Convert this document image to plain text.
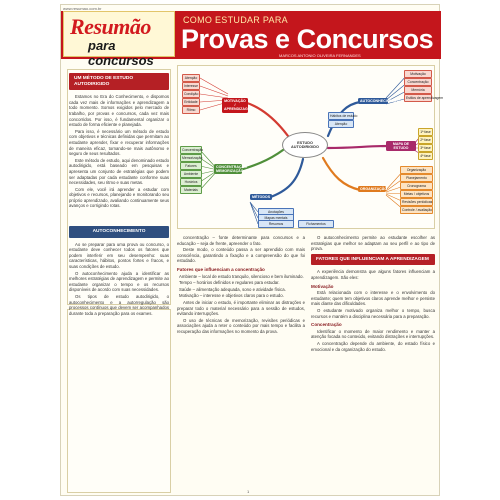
www.resumao.com.br
Resumão
para concursos
COMO ESTUDAR PARA
Provas e Concursos
MARCOS ANTONIO OLIVEIRA FERNANDES
UM MÉTODO DE ESTUDO AUTODIRIGIDO

Estamos no Era do Conhecimento, e dispomos cada vez mais de informações e aprendizagem a todo momento. Somos exigidos pelo mercado de trabalho, por provas e concursos, cada vez mais concorridos. Por isso, é fundamental organizar o estudo de forma eficiente e planejada.

Para isso, é necessário um método de estudo com objetivos e técnicas definidas que permitam ao estudante aprender, fixar e recuperar informações de maneira eficaz, tornando-se mais autônomo e seguro de seus resultados.

Este método de estudo, aqui denominado estudo autodirigido, está baseado em pesquisas e apresenta um conjunto de estratégias que podem ser adaptadas por cada estudante conforme suas necessidades, seu ritmo e suas metas.

Com ele, você irá aprender a estudar com objetivos e recursos, planejando e monitorando seu próprio aprendizado, avaliando continuamente seus avanços e corrigindo rotas.

AUTOCONHECIMENTO

Ao se preparar para uma prova ou concurso, o estudante deve conhecer todos os fatores que podem interferir em seu desempenho: suas características, hábitos, pontos fortes e fracos, e suas condições de estudo.

O autoconhecimento ajuda a identificar as melhores estratégias de aprendizagem e permite ao estudante organizar o tempo e os recursos disponíveis de acordo com suas necessidades.

Os tipos de estudo autodirigido, o autoconhecimento e a autorregulação são processos contínuos que devem ser acompanhados durante toda a preparação para os exames.

ESTUDO AUTODIRIGIDO
MOTIVAÇÃO / APRENDIZAGEM
AUTOCONHECIMENTO
MAPA DE ESTUDO
ORGANIZAÇÃO
CONCENTRAÇÃO MEMORIZAÇÃO
MÉTODOS
Atenção
Interesse
Condição
Entidade
Ritmo
Motivação
Concentração
Memória
Estilos de aprendizagem
Hábitos de estudo
Atenção
1ª fase
2ª fase
3ª fase
4ª fase
Organização
Planejamento
Cronograma
Metas / objetivos
Revisões periódicas
Controle / avaliação
Concentração
Memorização
Fatores
Ambiente
Horários
Materiais
Anotações
Mapas mentais
Resumos	Fichamentos

concentração – fonte determinante para concursos e a educação – seja de frente, apreender o fato.

Deste modo, o conteúdo passa a ser aprendido com mais consciência, garantindo a fixação e a compreensão do que foi estudado.

Fatores que influenciam a concentração
Ambiente – local de estudo tranquilo, silencioso e bem iluminado.
Tempo – horários definidos e regulares para estudar.
Saúde – alimentação adequada, sono e atividade física.
Motivação – interesse e objetivos claros para o estudo.

Antes de iniciar o estudo, é importante eliminar as distrações e preparar todo o material necessário para a sessão de estudos, evitando interrupções.

O uso de técnicas de memorização, revisões periódicas e associações ajuda a reter o conteúdo por mais tempo e facilita a recuperação das informações no momento da prova.

O autoconhecimento permite ao estudante escolher as estratégias que melhor se adaptam ao seu perfil e ao tipo de prova.

FATORES QUE INFLUENCIAM A APRENDIZAGEM

A experiência demonstra que alguns fatores influenciam a aprendizagem. São eles:

Motivação

Está relacionada com o interesse e o envolvimento do estudante; quem tem objetivos claros aprende melhor e persiste mais diante das dificuldades.

O estudante motivado organiza melhor o tempo, busca recursos e mantém a disciplina necessária para a preparação.

Concentração

Identificar o momento de maior rendimento e manter a atenção focada no conteúdo, evitando distrações e interrupções.

A concentração depende do ambiente, do estado físico e emocional e da organização do estudo.

1
